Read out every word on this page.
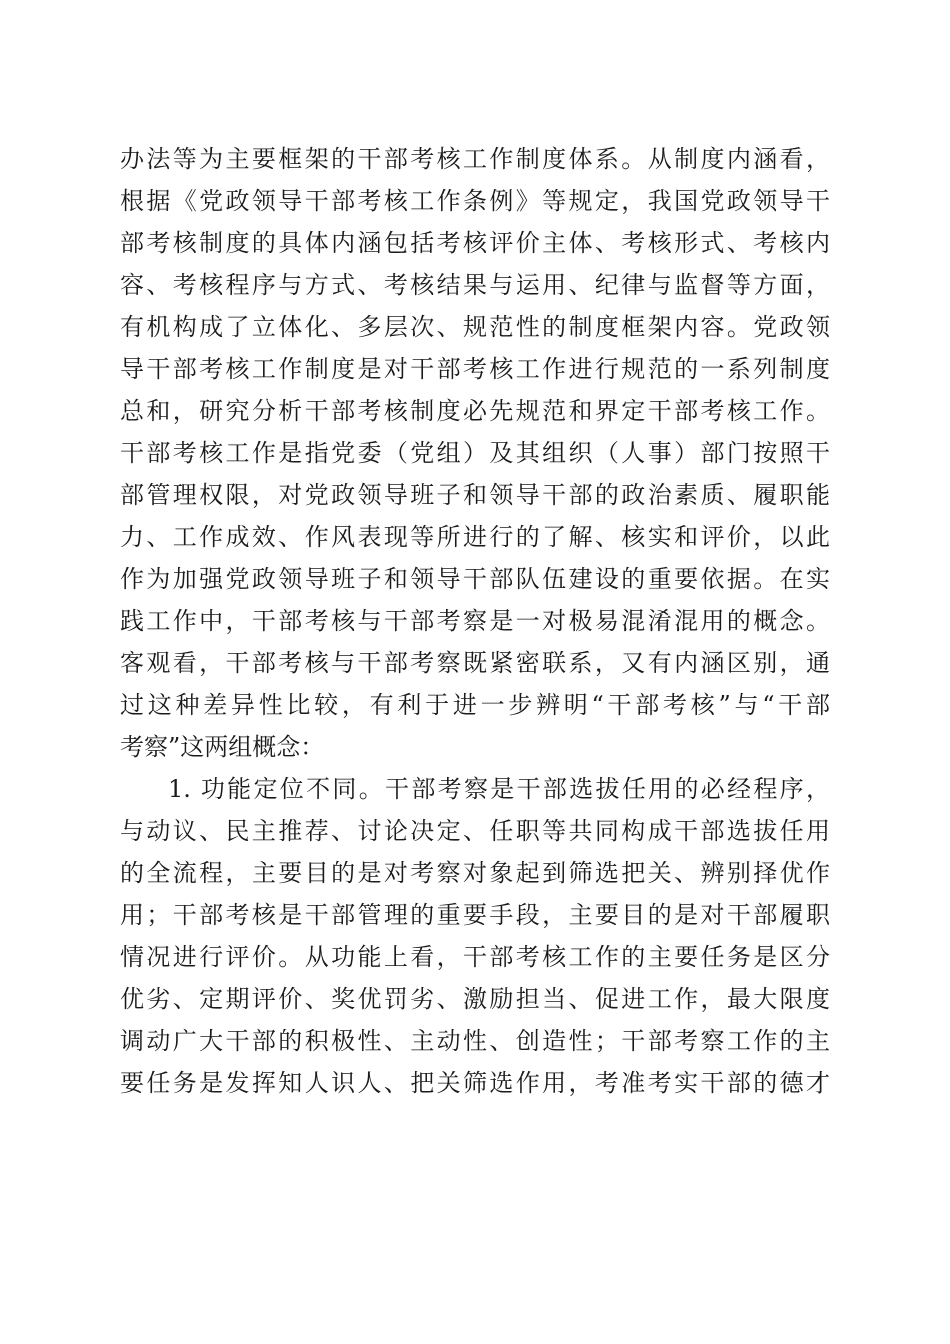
办法等为主要框架的干部考核工作制度体系。从制度内涵看，
根据《党政领导干部考核工作条例》等规定，我国党政领导干
部考核制度的具体内涵包括考核评价主体、考核形式、考核内
容、考核程序与方式、考核结果与运用、纪律与监督等方面，
有机构成了立体化、多层次、规范性的制度框架内容。党政领
导干部考核工作制度是对干部考核工作进行规范的一系列制度
总和，研究分析干部考核制度必先规范和界定干部考核工作。
干部考核工作是指党委（党组）及其组织（人事）部门按照干
部管理权限，对党政领导班子和领导干部的政治素质、履职能
力、工作成效、作风表现等所进行的了解、核实和评价，以此
作为加强党政领导班子和领导干部队伍建设的重要依据。在实
践工作中，干部考核与干部考察是一对极易混淆混用的概念。
客观看，干部考核与干部考察既紧密联系，又有内涵区别，通
过这种差异性比较，有利于进一步辨明“干部考核”与“干部
考察”这两组概念：
1. 功能定位不同。干部考察是干部选拔任用的必经程序，
与动议、民主推荐、讨论决定、任职等共同构成干部选拔任用
的全流程，主要目的是对考察对象起到筛选把关、辨别择优作
用；干部考核是干部管理的重要手段，主要目的是对干部履职
情况进行评价。从功能上看，干部考核工作的主要任务是区分
优劣、定期评价、奖优罚劣、激励担当、促进工作，最大限度
调动广大干部的积极性、主动性、创造性；干部考察工作的主
要任务是发挥知人识人、把关筛选作用，考准考实干部的德才
